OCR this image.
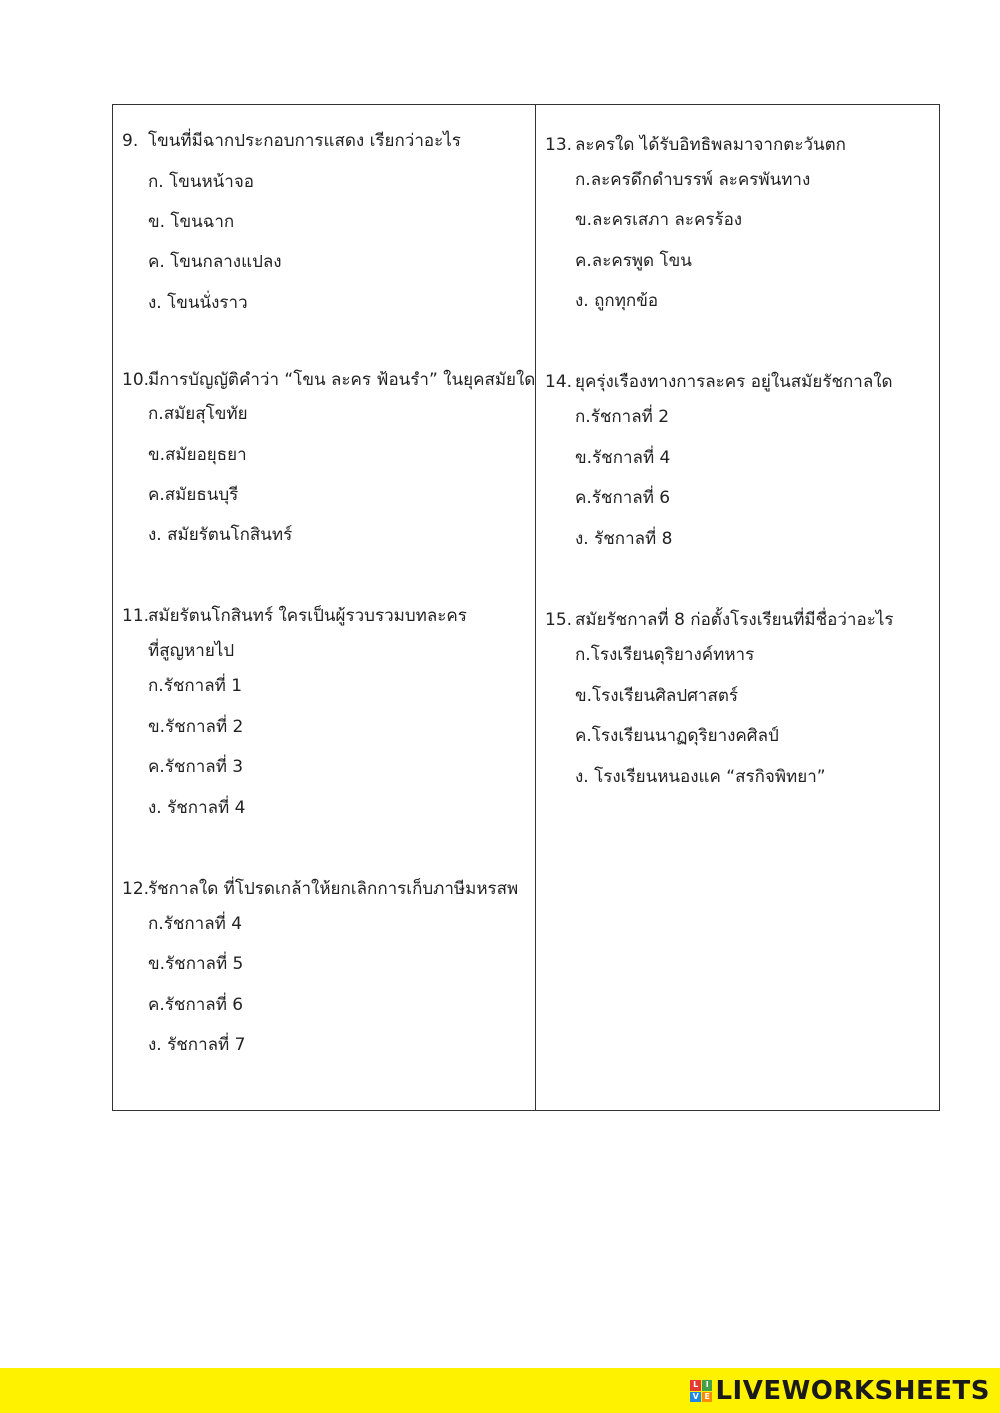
9. โขนที่มีฉากประกอบการแสดง เรียกว่าอะไร
ก. โขนหน้าจอ
ข. โขนฉาก
ค. โขนกลางแปลง
ง. โขนนั่งราว
10.มีการบัญญัติคำว่า “โขน ละคร ฟ้อนรำ” ในยุคสมัยใด
ก.สมัยสุโขทัย
ข.สมัยอยุธยา
ค.สมัยธนบุรี
ง. สมัยรัตนโกสินทร์
11.สมัยรัตนโกสินทร์ ใครเป็นผู้รวบรวมบทละคร
ที่สูญหายไป
ก.รัชกาลที่ 1
ข.รัชกาลที่ 2
ค.รัชกาลที่ 3
ง. รัชกาลที่ 4
12.รัชกาลใด ที่โปรดเกล้าให้ยกเลิกการเก็บภาษีมหรสพ
ก.รัชกาลที่ 4
ข.รัชกาลที่ 5
ค.รัชกาลที่ 6
ง. รัชกาลที่ 7
13. ละครใด ได้รับอิทธิพลมาจากตะวันตก
ก.ละครดึกดำบรรพ์ ละครพันทาง
ข.ละครเสภา ละครร้อง
ค.ละครพูด โขน
ง. ถูกทุกข้อ
14. ยุครุ่งเรืองทางการละคร อยู่ในสมัยรัชกาลใด
ก.รัชกาลที่ 2
ข.รัชกาลที่ 4
ค.รัชกาลที่ 6
ง. รัชกาลที่ 8
15. สมัยรัชกาลที่ 8 ก่อตั้งโรงเรียนที่มีชื่อว่าอะไร
ก.โรงเรียนดุริยางค์ทหาร
ข.โรงเรียนศิลปศาสตร์
ค.โรงเรียนนาฏดุริยางคศิลป์
ง. โรงเรียนหนองแค “สรกิจพิทยา”
L I
V E LIVEWORKSHEETS
